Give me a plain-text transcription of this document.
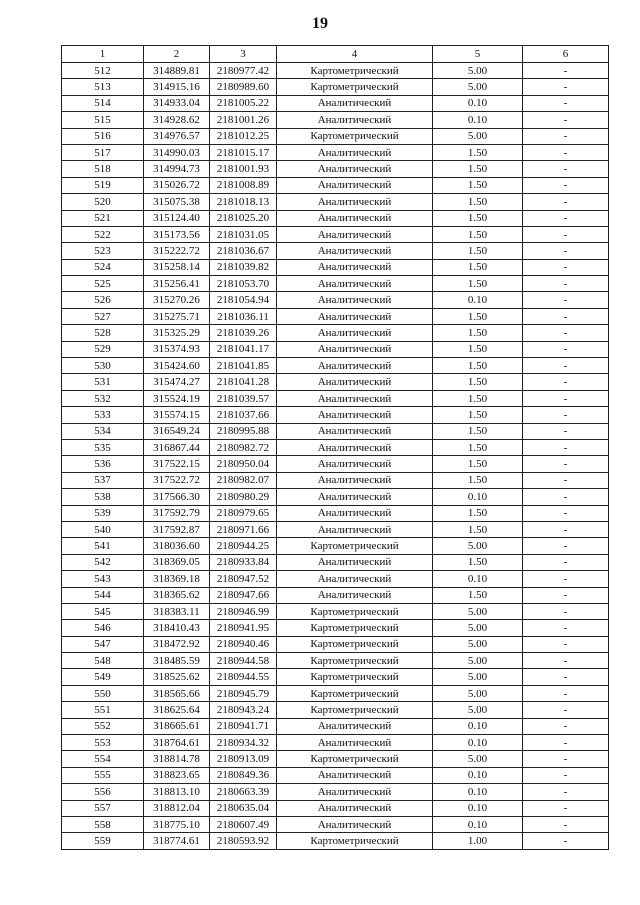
19
1	2	3	4	5	6
512	314889.81	2180977.42	Картометрический	5.00	-
513	314915.16	2180989.60	Картометрический	5.00	-
514	314933.04	2181005.22	Аналитический	0.10	-
515	314928.62	2181001.26	Аналитический	0.10	-
516	314976.57	2181012.25	Картометрический	5.00	-
517	314990.03	2181015.17	Аналитический	1.50	-
518	314994.73	2181001.93	Аналитический	1.50	-
519	315026.72	2181008.89	Аналитический	1.50	-
520	315075.38	2181018.13	Аналитический	1.50	-
521	315124.40	2181025.20	Аналитический	1.50	-
522	315173.56	2181031.05	Аналитический	1.50	-
523	315222.72	2181036.67	Аналитический	1.50	-
524	315258.14	2181039.82	Аналитический	1.50	-
525	315256.41	2181053.70	Аналитический	1.50	-
526	315270.26	2181054.94	Аналитический	0.10	-
527	315275.71	2181036.11	Аналитический	1.50	-
528	315325.29	2181039.26	Аналитический	1.50	-
529	315374.93	2181041.17	Аналитический	1.50	-
530	315424.60	2181041.85	Аналитический	1.50	-
531	315474.27	2181041.28	Аналитический	1.50	-
532	315524.19	2181039.57	Аналитический	1.50	-
533	315574.15	2181037.66	Аналитический	1.50	-
534	316549.24	2180995.88	Аналитический	1.50	-
535	316867.44	2180982.72	Аналитический	1.50	-
536	317522.15	2180950.04	Аналитический	1.50	-
537	317522.72	2180982.07	Аналитический	1.50	-
538	317566.30	2180980.29	Аналитический	0.10	-
539	317592.79	2180979.65	Аналитический	1.50	-
540	317592.87	2180971.66	Аналитический	1.50	-
541	318036.60	2180944.25	Картометрический	5.00	-
542	318369.05	2180933.84	Аналитический	1.50	-
543	318369.18	2180947.52	Аналитический	0.10	-
544	318365.62	2180947.66	Аналитический	1.50	-
545	318383.11	2180946.99	Картометрический	5.00	-
546	318410.43	2180941.95	Картометрический	5.00	-
547	318472.92	2180940.46	Картометрический	5.00	-
548	318485.59	2180944.58	Картометрический	5.00	-
549	318525.62	2180944.55	Картометрический	5.00	-
550	318565.66	2180945.79	Картометрический	5.00	-
551	318625.64	2180943.24	Картометрический	5.00	-
552	318665.61	2180941.71	Аналитический	0.10	-
553	318764.61	2180934.32	Аналитический	0.10	-
554	318814.78	2180913.09	Картометрический	5.00	-
555	318823.65	2180849.36	Аналитический	0.10	-
556	318813.10	2180663.39	Аналитический	0.10	-
557	318812.04	2180635.04	Аналитический	0.10	-
558	318775.10	2180607.49	Аналитический	0.10	-
559	318774.61	2180593.92	Картометрический	1.00	-
